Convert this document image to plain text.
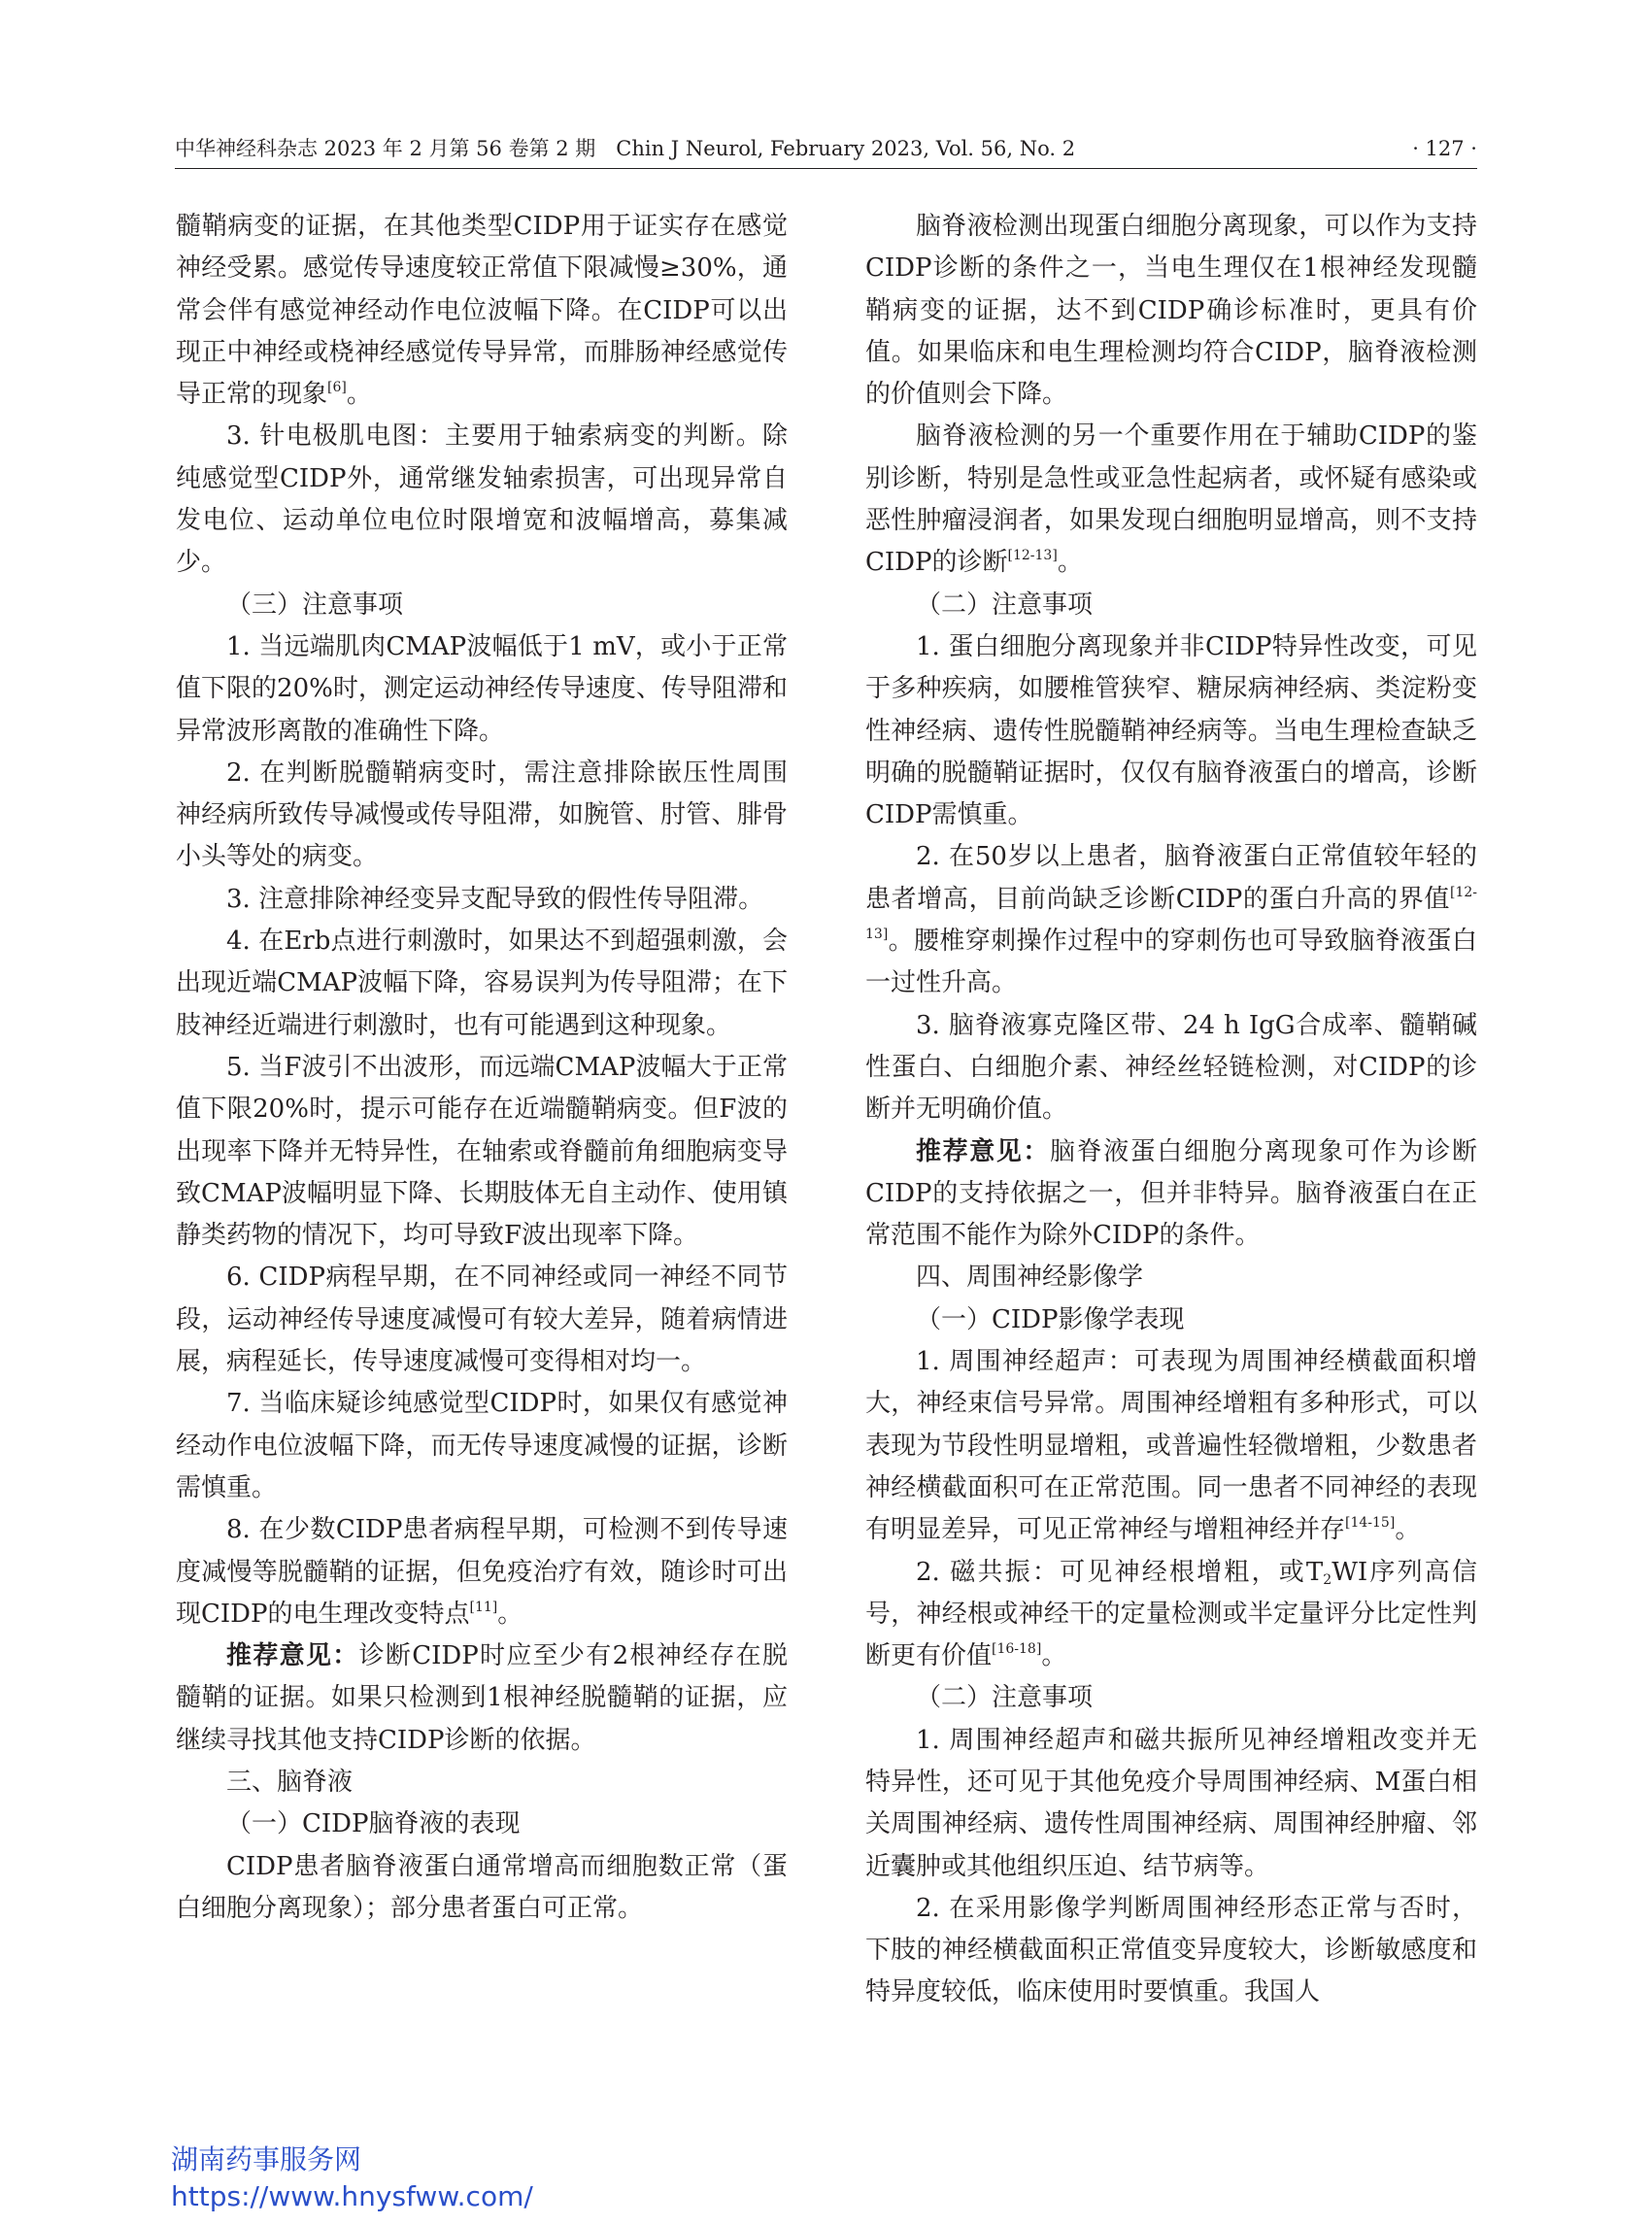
中华神经科杂志 2023 年 2 月第 56 卷第 2 期　Chin J Neurol, February 2023, Vol. 56, No. 2	· 127 ·

髓鞘病变的证据，在其他类型CIDP用于证实存在感觉神经受累。感觉传导速度较正常值下限减慢≥30%，通常会伴有感觉神经动作电位波幅下降。在CIDP可以出现正中神经或桡神经感觉传导异常，而腓肠神经感觉传导正常的现象[6]。

3. 针电极肌电图：主要用于轴索病变的判断。除纯感觉型CIDP外，通常继发轴索损害，可出现异常自发电位、运动单位电位时限增宽和波幅增高，募集减少。

（三）注意事项

1. 当远端肌肉CMAP波幅低于1 mV，或小于正常值下限的20%时，测定运动神经传导速度、传导阻滞和异常波形离散的准确性下降。

2. 在判断脱髓鞘病变时，需注意排除嵌压性周围神经病所致传导减慢或传导阻滞，如腕管、肘管、腓骨小头等处的病变。

3. 注意排除神经变异支配导致的假性传导阻滞。

4. 在Erb点进行刺激时，如果达不到超强刺激，会出现近端CMAP波幅下降，容易误判为传导阻滞；在下肢神经近端进行刺激时，也有可能遇到这种现象。

5. 当F波引不出波形，而远端CMAP波幅大于正常值下限20%时，提示可能存在近端髓鞘病变。但F波的出现率下降并无特异性，在轴索或脊髓前角细胞病变导致CMAP波幅明显下降、长期肢体无自主动作、使用镇静类药物的情况下，均可导致F波出现率下降。

6. CIDP病程早期，在不同神经或同一神经不同节段，运动神经传导速度减慢可有较大差异，随着病情进展，病程延长，传导速度减慢可变得相对均一。

7. 当临床疑诊纯感觉型CIDP时，如果仅有感觉神经动作电位波幅下降，而无传导速度减慢的证据，诊断需慎重。

8. 在少数CIDP患者病程早期，可检测不到传导速度减慢等脱髓鞘的证据，但免疫治疗有效，随诊时可出现CIDP的电生理改变特点[11]。

推荐意见：诊断CIDP时应至少有2根神经存在脱髓鞘的证据。如果只检测到1根神经脱髓鞘的证据，应继续寻找其他支持CIDP诊断的依据。

三、脑脊液

（一）CIDP脑脊液的表现

CIDP患者脑脊液蛋白通常增高而细胞数正常（蛋白细胞分离现象）；部分患者蛋白可正常。

脑脊液检测出现蛋白细胞分离现象，可以作为支持CIDP诊断的条件之一，当电生理仅在1根神经发现髓鞘病变的证据，达不到CIDP确诊标准时，更具有价值。如果临床和电生理检测均符合CIDP，脑脊液检测的价值则会下降。

脑脊液检测的另一个重要作用在于辅助CIDP的鉴别诊断，特别是急性或亚急性起病者，或怀疑有感染或恶性肿瘤浸润者，如果发现白细胞明显增高，则不支持CIDP的诊断[12-13]。

（二）注意事项

1. 蛋白细胞分离现象并非CIDP特异性改变，可见于多种疾病，如腰椎管狭窄、糖尿病神经病、类淀粉变性神经病、遗传性脱髓鞘神经病等。当电生理检查缺乏明确的脱髓鞘证据时，仅仅有脑脊液蛋白的增高，诊断CIDP需慎重。

2. 在50岁以上患者，脑脊液蛋白正常值较年轻的患者增高，目前尚缺乏诊断CIDP的蛋白升高的界值[12-13]。腰椎穿刺操作过程中的穿刺伤也可导致脑脊液蛋白一过性升高。

3. 脑脊液寡克隆区带、24 h IgG合成率、髓鞘碱性蛋白、白细胞介素、神经丝轻链检测，对CIDP的诊断并无明确价值。

推荐意见：脑脊液蛋白细胞分离现象可作为诊断CIDP的支持依据之一，但并非特异。脑脊液蛋白在正常范围不能作为除外CIDP的条件。

四、周围神经影像学

（一）CIDP影像学表现

1. 周围神经超声：可表现为周围神经横截面积增大，神经束信号异常。周围神经增粗有多种形式，可以表现为节段性明显增粗，或普遍性轻微增粗，少数患者神经横截面积可在正常范围。同一患者不同神经的表现有明显差异，可见正常神经与增粗神经并存[14-15]。

2. 磁共振：可见神经根增粗，或$T_2WI$序列高信号，神经根或神经干的定量检测或半定量评分比定性判断更有价值[16-18]。

（二）注意事项

1. 周围神经超声和磁共振所见神经增粗改变并无特异性，还可见于其他免疫介导周围神经病、M蛋白相关周围神经病、遗传性周围神经病、周围神经肿瘤、邻近囊肿或其他组织压迫、结节病等。

2. 在采用影像学判断周围神经形态正常与否时，下肢的神经横截面积正常值变异度较大，诊断敏感度和特异度较低，临床使用时要慎重。我国人

湖南药事服务网
https://www.hnysfww.com/
